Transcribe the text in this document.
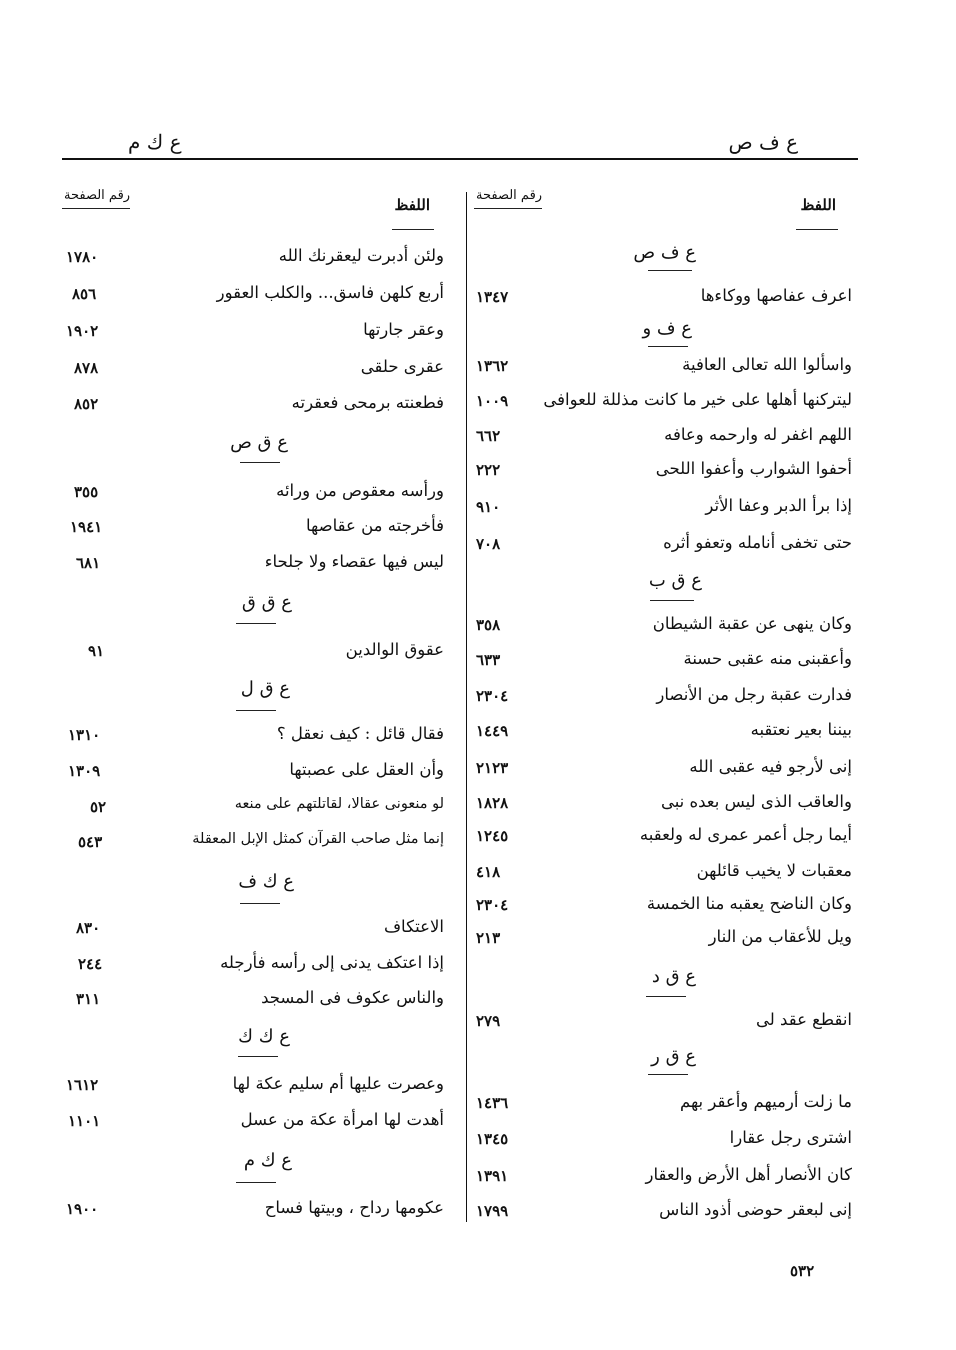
ع ف ص
ع ك م
اللفظ
رقم الصفحة
اللفظ
رقم الصفحة
ع ف ص
اعرف عفاصها ووكاءها
١٣٤٧
ع ف و
واسألوا الله تعالى العافية
١٣٦٢
ليتركنها أهلها على خير ما كانت مذللة للعوافى
١٠٠٩
اللهم اغفر له وارحمه وعافه
٦٦٢
أحفوا الشوارب وأعفوا اللحى
٢٢٢
إذا برأ الدبر وعفا الأثر
٩١٠
حتى تخفى أنامله وتعفو أثره
٧٠٨
ع ق ب
وكان ينهى عن عقبة الشيطان
٣٥٨
وأعقبنى منه عقبى حسنة
٦٣٣
فدارت عقبة رجل من الأنصار
٢٣٠٤
بيننا بعير نعتقبه
١٤٤٩
إنى لأرجو فيه عقبى الله
٢١٢٣
والعاقب الذى ليس بعده نبى
١٨٢٨
أيما رجل أعمر عمرى له ولعقبه
١٢٤٥
معقبات لا يخيب قائلهن
٤١٨
وكان الناضح يعقبه منا الخمسة
٢٣٠٤
ويل للأعقاب من النار
٢١٣
ع ق د
انقطع عقد لى
٢٧٩
ع ق ر
ما زلت أرميهم وأعقر بهم
١٤٣٦
اشترى رجل عقارا
١٣٤٥
كان الأنصار أهل الأرض والعقار
١٣٩١
إنى لبعقر حوضى أذود الناس
١٧٩٩
ولئن أدبرت ليعقرنك الله
١٧٨٠
أربع كلهن فاسق... والكلب العقور
٨٥٦
وعقر جارتها
١٩٠٢
عقرى حلقى
٨٧٨
فطعنته برمحى فعقرته
٨٥٢
ع ق ص
ورأسه معقوص من ورائه
٣٥٥
فأخرجته من عقاصها
١٩٤١
ليس فيها عقصاء ولا جلحاء
٦٨١
ع ق ق
عقوق الوالدين
٩١
ع ق ل
فقال قائل : كيف نعقل ؟
١٣١٠
وأن العقل على عصبتها
١٣٠٩
لو منعونى عقالا، لقاتلتهم على منعه
٥٢
إنما مثل صاحب القرآن كمثل الإبل المعقلة
٥٤٣
ع ك ف
الاعتكاف
٨٣٠
إذا اعتكف يدنى إلى رأسه فأرجله
٢٤٤
والناس عكوف فى المسجد
٣١١
ع ك ك
وعصرت عليها أم سليم عكة لها
١٦١٢
أهدت لها امرأة عكة من عسل
١١٠١
ع ك م
عكومها رداح ، وبيتها فساح
١٩٠٠
٥٣٢
